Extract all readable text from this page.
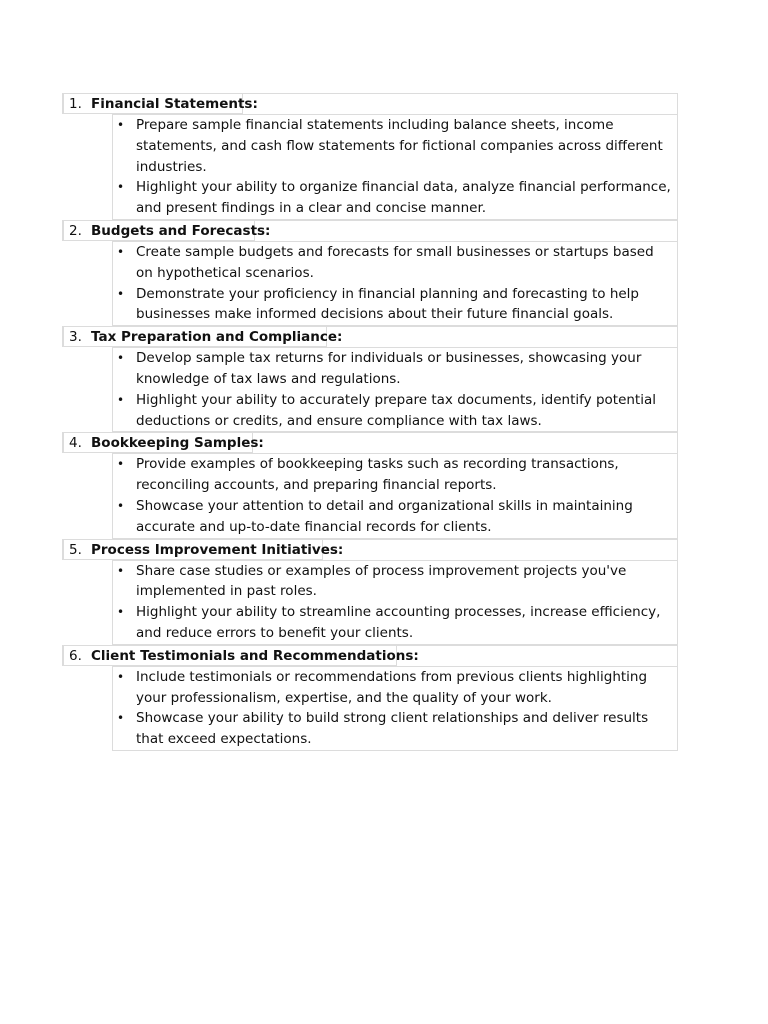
1. Financial Statements:
• Prepare sample financial statements including balance sheets, income statements, and cash flow statements for fictional companies across different industries.
• Highlight your ability to organize financial data, analyze financial performance, and present findings in a clear and concise manner.
2. Budgets and Forecasts:
• Create sample budgets and forecasts for small businesses or startups based on hypothetical scenarios.
• Demonstrate your proficiency in financial planning and forecasting to help businesses make informed decisions about their future financial goals.
3. Tax Preparation and Compliance:
• Develop sample tax returns for individuals or businesses, showcasing your knowledge of tax laws and regulations.
• Highlight your ability to accurately prepare tax documents, identify potential deductions or credits, and ensure compliance with tax laws.
4. Bookkeeping Samples:
• Provide examples of bookkeeping tasks such as recording transactions, reconciling accounts, and preparing financial reports.
• Showcase your attention to detail and organizational skills in maintaining accurate and up-to-date financial records for clients.
5. Process Improvement Initiatives:
• Share case studies or examples of process improvement projects you've implemented in past roles.
• Highlight your ability to streamline accounting processes, increase efficiency, and reduce errors to benefit your clients.
6. Client Testimonials and Recommendations:
• Include testimonials or recommendations from previous clients highlighting your professionalism, expertise, and the quality of your work.
• Showcase your ability to build strong client relationships and deliver results that exceed expectations.
